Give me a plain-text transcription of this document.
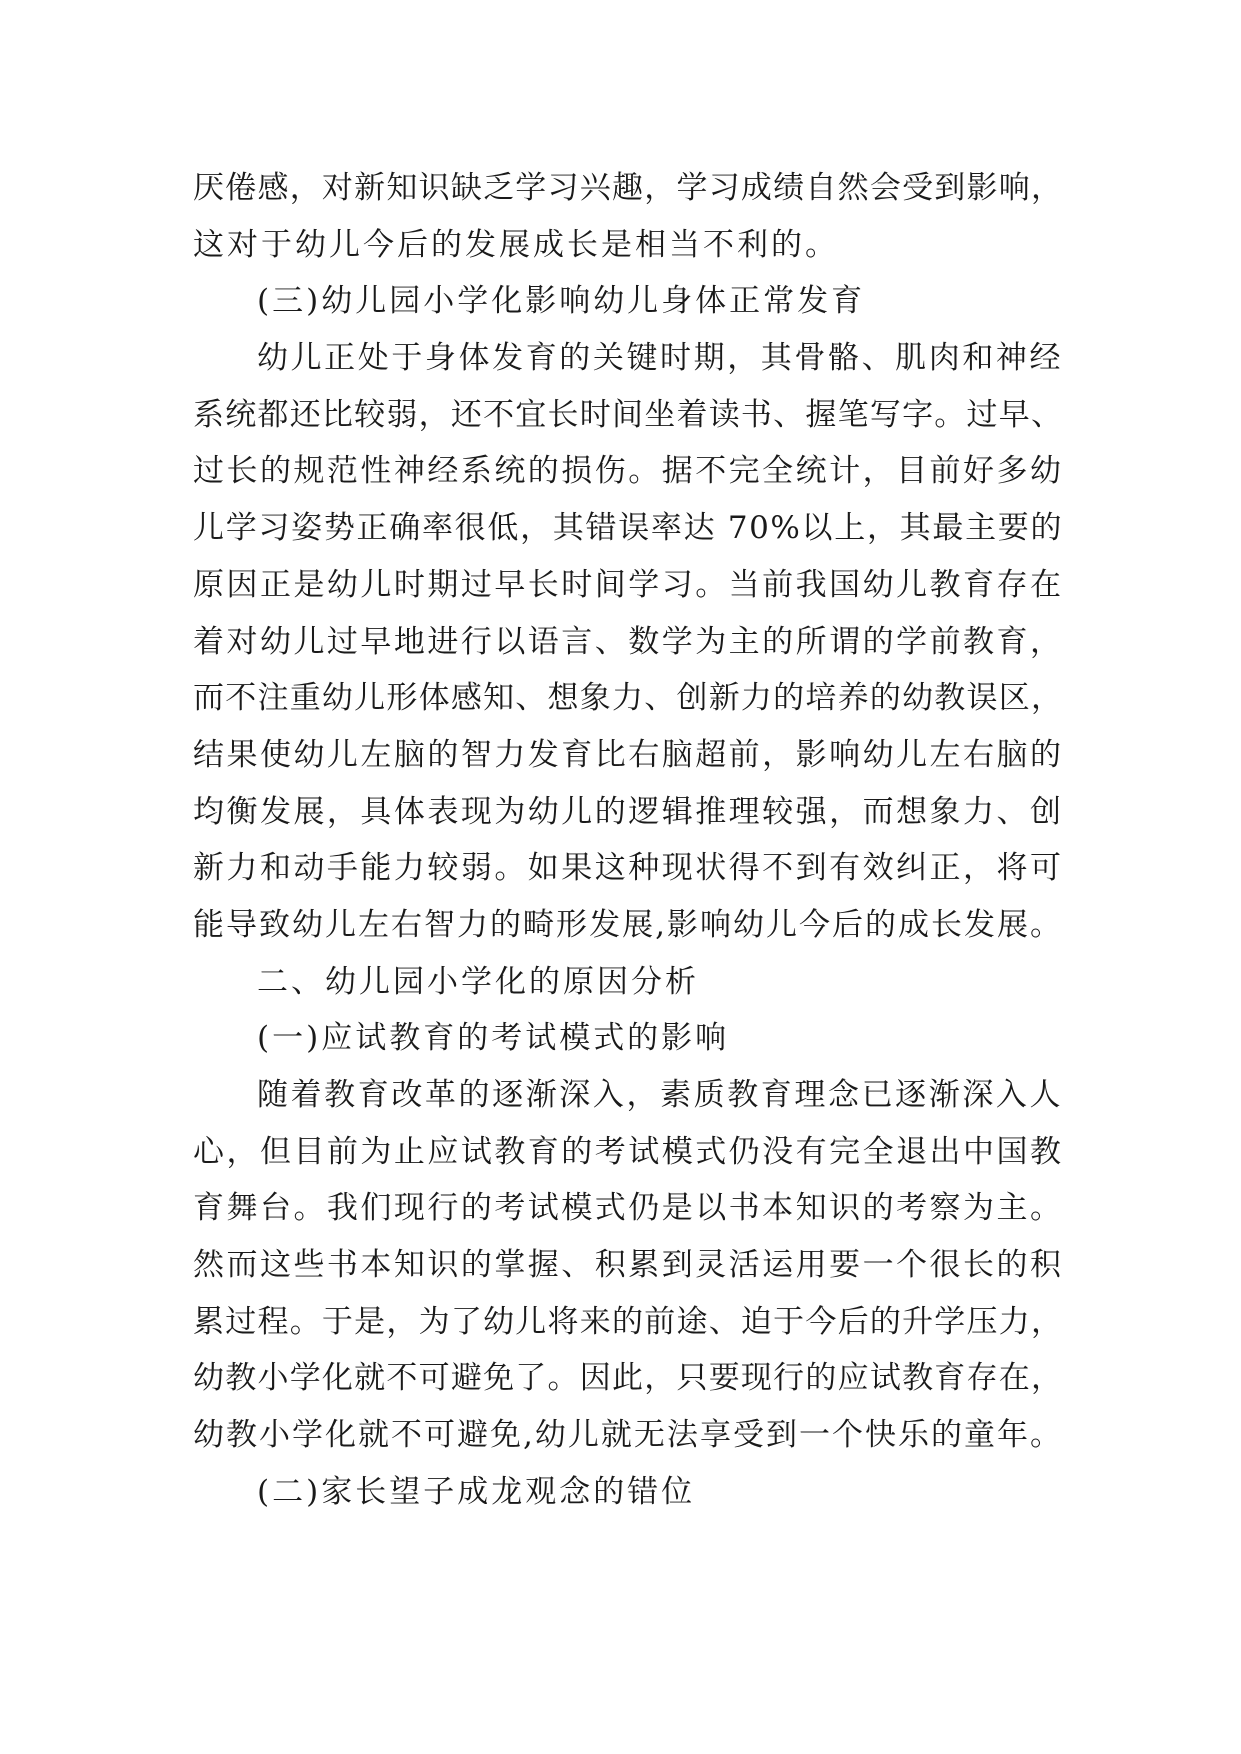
厌倦感，对新知识缺乏学习兴趣，学习成绩自然会受到影响，
这对于幼儿今后的发展成长是相当不利的。
(三)幼儿园小学化影响幼儿身体正常发育
幼儿正处于身体发育的关键时期，其骨骼、肌肉和神经
系统都还比较弱，还不宜长时间坐着读书、握笔写字。过早、
过长的规范性神经系统的损伤。据不完全统计，目前好多幼
儿学习姿势正确率很低，其错误率达 70%以上，其最主要的
原因正是幼儿时期过早长时间学习。当前我国幼儿教育存在
着对幼儿过早地进行以语言、数学为主的所谓的学前教育，
而不注重幼儿形体感知、想象力、创新力的培养的幼教误区，
结果使幼儿左脑的智力发育比右脑超前，影响幼儿左右脑的
均衡发展，具体表现为幼儿的逻辑推理较强，而想象力、创
新力和动手能力较弱。如果这种现状得不到有效纠正，将可
能导致幼儿左右智力的畸形发展,影响幼儿今后的成长发展。
二、幼儿园小学化的原因分析
(一)应试教育的考试模式的影响
随着教育改革的逐渐深入，素质教育理念已逐渐深入人
心，但目前为止应试教育的考试模式仍没有完全退出中国教
育舞台。我们现行的考试模式仍是以书本知识的考察为主。
然而这些书本知识的掌握、积累到灵活运用要一个很长的积
累过程。于是，为了幼儿将来的前途、迫于今后的升学压力，
幼教小学化就不可避免了。因此，只要现行的应试教育存在，
幼教小学化就不可避免,幼儿就无法享受到一个快乐的童年。
(二)家长望子成龙观念的错位
